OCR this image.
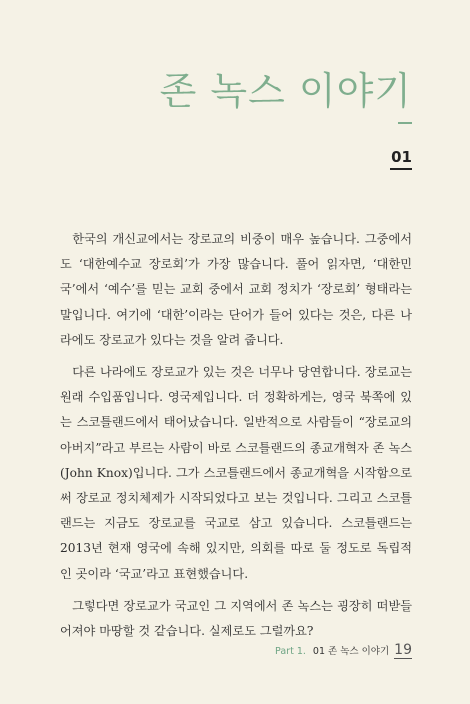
존 녹스 이야기
01

한국의 개신교에서는 장로교의 비중이 매우 높습니다. 그중에서도 ‘대한예수교 장로회’가 가장 많습니다. 풀어 읽자면, ‘대한민국’에서 ‘예수’를 믿는 교회 중에서 교회 정치가 ‘장로회’ 형태라는 말입니다. 여기에 ‘대한’이라는 단어가 들어 있다는 것은, 다른 나라에도 장로교가 있다는 것을 알려 줍니다.

다른 나라에도 장로교가 있는 것은 너무나 당연합니다. 장로교는 원래 수입품입니다. 영국제입니다. 더 정확하게는, 영국 북쪽에 있는 스코틀랜드에서 태어났습니다. 일반적으로 사람들이 “장로교의 아버지”라고 부르는 사람이 바로 스코틀랜드의 종교개혁자 존 녹스(John Knox)입니다. 그가 스코틀랜드에서 종교개혁을 시작함으로써 장로교 정치체제가 시작되었다고 보는 것입니다. 그리고 스코틀랜드는 지금도 장로교를 국교로 삼고 있습니다. 스코틀랜드는 2013년 현재 영국에 속해 있지만, 의회를 따로 둘 정도로 독립적인 곳이라 ‘국교’라고 표현했습니다.

그렇다면 장로교가 국교인 그 지역에서 존 녹스는 굉장히 떠받들어져야 마땅할 것 같습니다. 실제로도 그럴까요?

Part 1. 01 존 녹스 이야기 19
